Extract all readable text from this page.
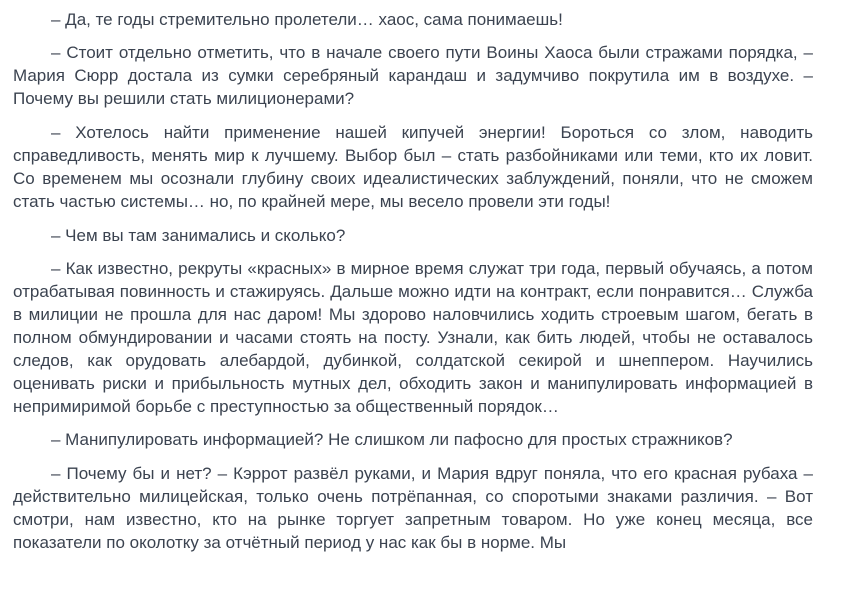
– Да, те годы стремительно пролетели… хаос, сама понимаешь!

– Стоит отдельно отметить, что в начале своего пути Воины Хаоса были стражами порядка, – Мария Сюрр достала из сумки серебряный карандаш и задумчиво покрутила им в воздухе. – Почему вы решили стать милиционерами?

– Хотелось найти применение нашей кипучей энергии! Бороться со злом, наводить справедливость, менять мир к лучшему. Выбор был – стать разбойниками или теми, кто их ловит. Со временем мы осознали глубину своих идеалистических заблуждений, поняли, что не сможем стать частью системы… но, по крайней мере, мы весело провели эти годы!

– Чем вы там занимались и сколько?

– Как известно, рекруты «красных» в мирное время служат три года, первый обучаясь, а потом отрабатывая повинность и стажируясь. Дальше можно идти на контракт, если понравится… Служба в милиции не прошла для нас даром! Мы здорово наловчились ходить строевым шагом, бегать в полном обмундировании и часами стоять на посту. Узнали, как бить людей, чтобы не оставалось следов, как орудовать алебардой, дубинкой, солдатской секирой и шнеппером. Научились оценивать риски и прибыльность мутных дел, обходить закон и манипулировать информацией в непримиримой борьбе с преступностью за общественный порядок…

– Манипулировать информацией? Не слишком ли пафосно для простых стражников?

– Почему бы и нет? – Кэррот развёл руками, и Мария вдруг поняла, что его красная рубаха – действительно милицейская, только очень потрёпанная, со споротыми знаками различия. – Вот смотри, нам известно, кто на рынке торгует запретным товаром. Но уже конец месяца, все показатели по околотку за отчётный период у нас как бы в норме. Мы
